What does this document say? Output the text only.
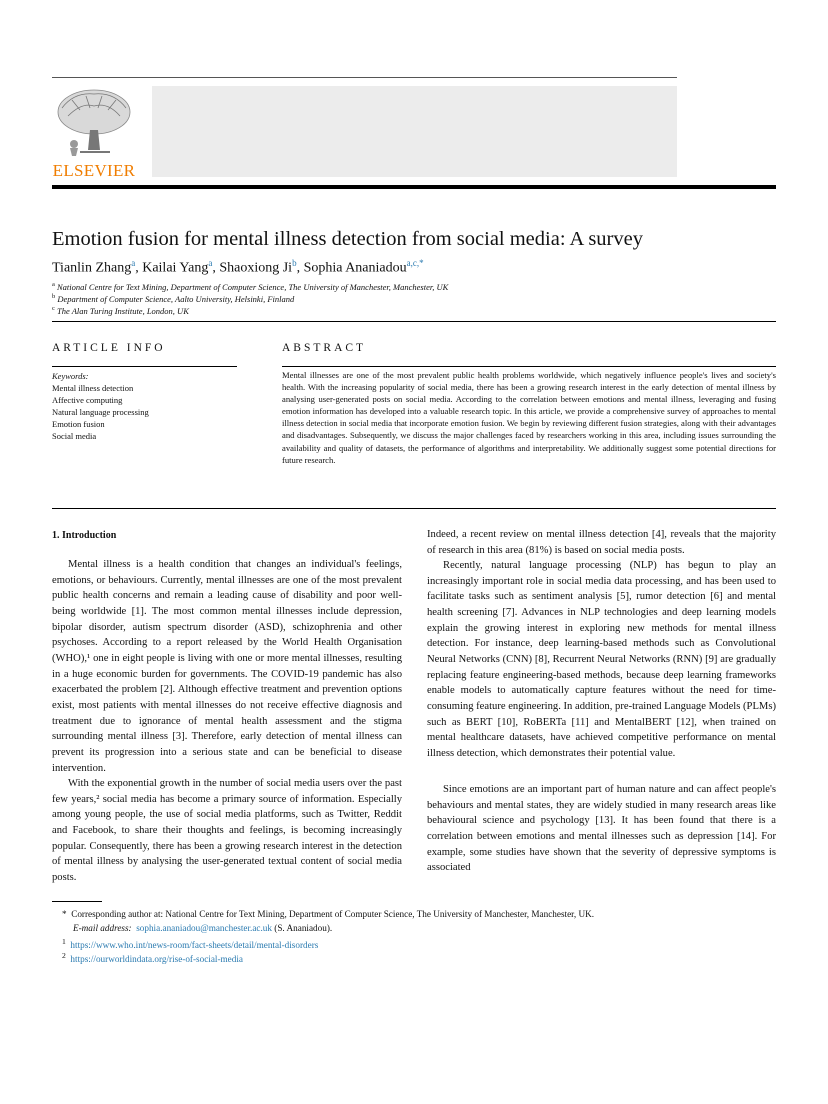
ELSEVIER
Emotion fusion for mental illness detection from social media: A survey
Tianlin Zhang$^a$, Kailai Yang$^a$, Shaoxiong Ji$^b$, Sophia Ananiadou$^{a,c,*}$
$^a$ National Centre for Text Mining, Department of Computer Science, The University of Manchester, Manchester, UK
$^b$ Department of Computer Science, Aalto University, Helsinki, Finland
$^c$ The Alan Turing Institute, London, UK
ARTICLE INFO
Keywords:
Mental illness detection
Affective computing
Natural language processing
Emotion fusion
Social media
ABSTRACT
Mental illnesses are one of the most prevalent public health problems worldwide, which negatively influence people's lives and society's health. With the increasing popularity of social media, there has been a growing research interest in the early detection of mental illness by analysing user-generated posts on social media. According to the correlation between emotions and mental illness, leveraging and fusing emotion information has developed into a valuable research topic. In this article, we provide a comprehensive survey of approaches to mental illness detection in social media that incorporate emotion fusion. We begin by reviewing different fusion strategies, along with their advantages and disadvantages. Subsequently, we discuss the major challenges faced by researchers working in this area, including issues surrounding the availability and quality of datasets, the performance of algorithms and interpretability. We additionally suggest some potential directions for future research.
1. Introduction
Mental illness is a health condition that changes an individual's feelings, emotions, or behaviours. Currently, mental illnesses are one of the most prevalent public health concerns and remain a leading cause of disability and poor well-being worldwide [1]. The most common mental illnesses include depression, bipolar disorder, autism spectrum disorder (ASD), schizophrenia and other psychoses. According to a report released by the World Health Organisation (WHO),¹ one in eight people is living with one or more mental illnesses, resulting in a huge economic burden for governments. The COVID-19 pandemic has also exacerbated the problem [2]. Although effective treatment and prevention options exist, most patients with mental illnesses do not receive effective diagnosis and treatment due to ignorance of mental health assessment and the stigma surrounding mental illness [3]. Therefore, early detection of mental illness can prevent its progression into a serious state and can be beneficial to disease intervention.
With the exponential growth in the number of social media users over the past few years,² social media has become a primary source of information. Especially among young people, the use of social media platforms, such as Twitter, Reddit and Facebook, to share their thoughts and feelings, is becoming increasingly popular. Consequently, there has been a growing research interest in the detection of mental illness by analysing the user-generated textual content of social media posts.
Indeed, a recent review on mental illness detection [4], reveals that the majority of research in this area (81%) is based on social media posts.
Recently, natural language processing (NLP) has begun to play an increasingly important role in social media data processing, and has been used to facilitate tasks such as sentiment analysis [5], rumor detection [6] and mental health screening [7]. Advances in NLP technologies and deep learning models explain the growing interest in exploring new methods for mental illness detection. For instance, deep learning-based methods such as Convolutional Neural Networks (CNN) [8], Recurrent Neural Networks (RNN) [9] are gradually replacing feature engineering-based methods, because deep learning frameworks enable models to automatically capture features without the need for time-consuming feature engineering. In addition, pre-trained Language Models (PLMs) such as BERT [10], RoBERTa [11] and MentalBERT [12], when trained on mental healthcare datasets, have achieved competitive performance on mental illness detection, which demonstrates their potential value.
Since emotions are an important part of human nature and can affect people's behaviours and mental states, they are widely studied in many research areas like behavioural science and psychology [13]. It has been found that there is a correlation between emotions and mental illnesses such as depression [14]. For example, some studies have shown that the severity of depressive symptoms is associated
* Corresponding author at: National Centre for Text Mining, Department of Computer Science, The University of Manchester, Manchester, UK.
E-mail address: sophia.ananiadou@manchester.ac.uk (S. Ananiadou).
$^1$ https://www.who.int/news-room/fact-sheets/detail/mental-disorders
$^2$ https://ourworldindata.org/rise-of-social-media
